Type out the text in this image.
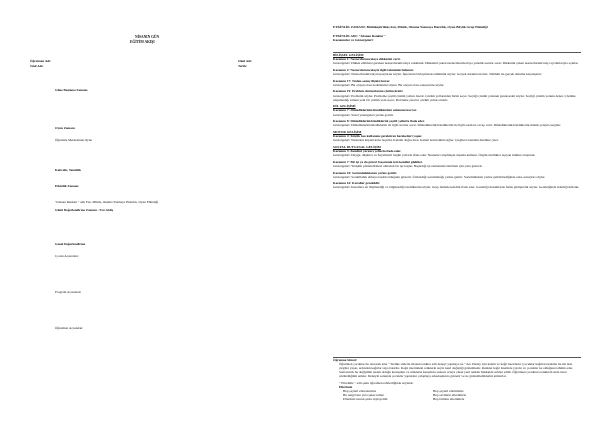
NİSANIN GÜN
EĞİTİM AKIŞI
Öğretmen Adı:
Sınıf Adı:
Okul Adı:
Tarih:
Güne Başlama Zamanı
Oyun Zamanı
Öğrenme Merkezinde Oyun
Kahvaltı, Temizlik
Etkinlik Zamanı
"Islanan Renkler " adlı Fen, Müzik, Okuma Yazmaya Hazırlık, Oyun Etkinliği
Günü Değerlendirme Zamanı - Eve Gidiş
Genel Değerlendirme
Çocuk Açısından:
Program Açısından:
Öğretmen Açısından:

ETKİNLİK ZAMANI: Bütünleştirilmiş Fen, Müzik, Okuma Yazmaya Hazırlık, Oyun Büyük Grup Etkinliği

ETKİNLİK ADI: "Islanan Renkler "

Kazanımlar ve Göstergeleri:

BİLİŞSEL GELİŞİM

Kazanım 1: Nesne/durum/olaya dikkatini verir.

Göstergeleri: Dikkat edilmesi gereken nesne/durum/olaya odaklanır. Dikkatini çeken nesne/durum/olaya yönelik sorular sorar. Dikkatini çeken nesne/durum/olayı ayrıntılarıyla açıklar.

Kazanım 2: Nesne/durum/olayla ilgili tahminde bulunur.

Göstergeleri: Nesne/durum/olayın ipuçlarını söyler. İpuçlarını birleştirerek tahminini söyler. Gerçek durumu inceler. Tahmini ile gerçek durumu karşılaştırır.

Kazanım 17: Neden-sonuç ilişkisi kurar.

Göstergeleri: Bir olayın olası nedenlerini söyler. Bir olayın olası sonuçlarını söyler.

Kazanım 19: Problem durumlarına çözüm üretir.

Göstergeleri: Problemi söyler. Probleme çeşitli çözüm yolları önerir. Çözüm yollarından birini seçer. Seçtiği çözüm yolunun gerekçesini söyler. Seçtiği çözüm yolunu dener. Çözüme ulaşamadığı zaman yeni bir çözüm yolu seçer. Probleme yaratıcı çözüm yolları önerir.

DİL GELİŞİMİ

Kazanım 7: Dinlediklerinin/izlediklerinin anlamını kavrar.

Göstergeleri: Sözel yönergeleri yerine getirir.

Kazanım 8: Dinlediklerini/izlediklerini çeşitli yollarla ifade eder.

Göstergeleri: Dinlediklerini/izlediklerini ile ilgili sorular sorar. Dinlediklerini/izlediklerini ile ilgili sorulara cevap verir. Dinlediklerini/izlediklerini müzik yoluyla sergiler.

MOTOR GELİŞİM

Kazanım 4: Küçük kas kullanımı gerektiren hareketleri yapar.

Göstergeleri: Nesneleri kaptan kaba boşaltır. Kalemi doğru tutar. Kalem kontrolünü sağlar. Çizgileri istenilen nitelikte çizer.

SOSYAL DUYGUSAL GELİŞİM

Kazanım 3: Kendini yaratıcı yollarla ifade eder.

Göstergeleri: Duygu, düşünce ve hayallerini özgün yollarla ifade eder. Nesneleri alışılmışın dışında kullanır. Özgün özellikler taşıyan ürünler oluşturur.

Kazanım 7: Bir işi ya da görevi başarmak için kendini güdüler.

Göstergeleri: Yetişkin yönlendirmesi olmadan bir işe başlar. Başladığı işi zamanında bitirmek için çaba gösterir.

Kazanım 10: Sorumluluklarını yerine getirir.

Göstergeleri: Sorumluluk almaya istekli olduğunu gösterir. Üstlendiği sorumluluğu yerine getirir. Sorumluluklar yerine getirilmediğinde olası sonuçları söyler.

Kazanım 16: Kurallar gereklidir.

Göstergeleri: Kurallara ait bilgilendiği ve bilgilendiği özelliklerini söyler. Grup önünde kendini ifade eder. Gerektiği durumlarda farklı görüşlerini söyler. Gerektiğinde liderliği üstlenir.

Öğrenme Süreci:

Öğretmen çocuklar ile oturarak ister " Sizinle sizlerle islanan renkler adlı deneyi yapmaya ne " der. Deney için kalem ve kağıt hazırlanır. Çocuklar kağıtları kaleme ile üst üste çizgiler yapar, ardından kağıtlar suya batırılır. Kağıt üzerindeki renklerin suyla nasıl değiştiği gözlemlenir. Renkler kağıt üzerinde yayılır ve çocuklar ne olduğunu tahmin eder. Sonrasında bu değişimin neden olduğu konuşulur ve renklerin karışması sonucu ortaya çıkan yeni renkler hakkında sohbet edilir. Öğretmen çocuklara renklerin suda nasıl çözündüğünü anlatır. Deneyin sonunda çocuklar yaptıkları çalışmayı arkadaşlarına gösterir ve ne gözlemlediklerini anlatırlar.

" Ellerimiz " adlı şarkı öğretmen rehberliğinde söylenir.

Ellerimiz

Hep şeyleri elleralarımız	Hep şeyleri ellerimizle
Bu rengi bize yola şakacırımız	Hep seviniriz ellerimizle
Ellerinizi uzatın şarkı söyleyelim	Hep birlikte ellerimizle
